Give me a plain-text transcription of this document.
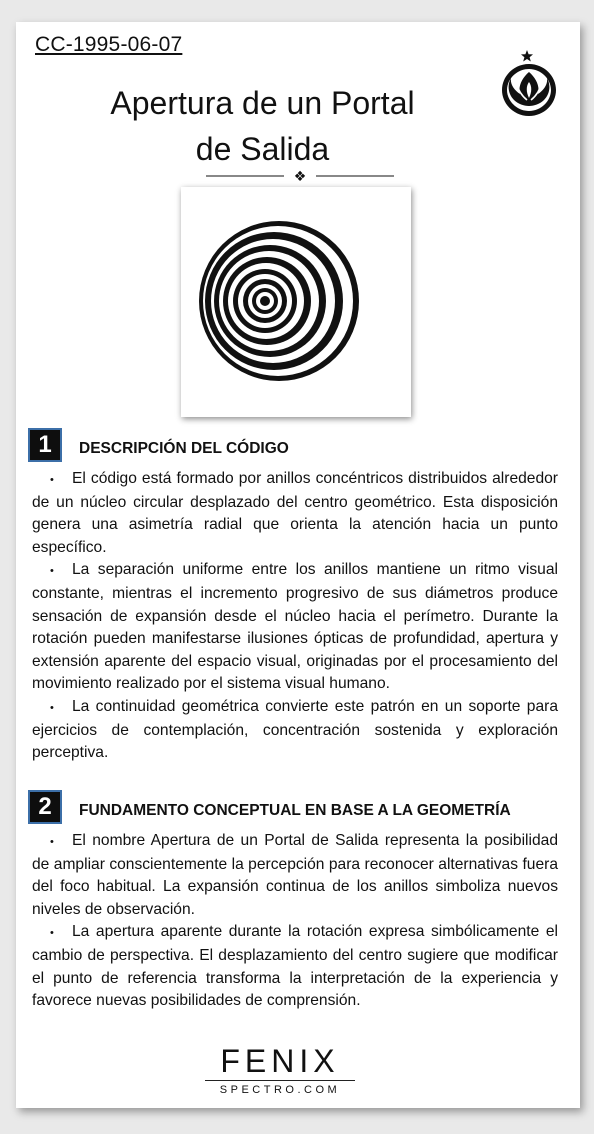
CC-1995-06-07
Apertura de un Portal
de Salida
❖
1	DESCRIPCIÓN DEL CÓDIGO

• El código está formado por anillos concéntricos distribuidos alrededor de un núcleo circular desplazado del centro geométrico. Esta disposición genera una asimetría radial que orienta la atención hacia un punto específico.

• La separación uniforme entre los anillos mantiene un ritmo visual constante, mientras el incremento progresivo de sus diámetros produce sensación de expansión desde el núcleo hacia el perímetro. Durante la rotación pueden manifestarse ilusiones ópticas de profundidad, apertura y extensión aparente del espacio visual, originadas por el procesamiento del movimiento realizado por el sistema visual humano.

• La continuidad geométrica convierte este patrón en un soporte para ejercicios de contemplación, concentración sostenida y exploración perceptiva.

2	FUNDAMENTO CONCEPTUAL EN BASE A LA GEOMETRÍA

• El nombre Apertura de un Portal de Salida representa la posibilidad de ampliar conscientemente la percepción para reconocer alternativas fuera del foco habitual. La expansión continua de los anillos simboliza nuevos niveles de observación.

• La apertura aparente durante la rotación expresa simbólicamente el cambio de perspectiva. El desplazamiento del centro sugiere que modificar el punto de referencia transforma la interpretación de la experiencia y favorece nuevas posibilidades de comprensión.

FENIX
SPECTRO.COM
